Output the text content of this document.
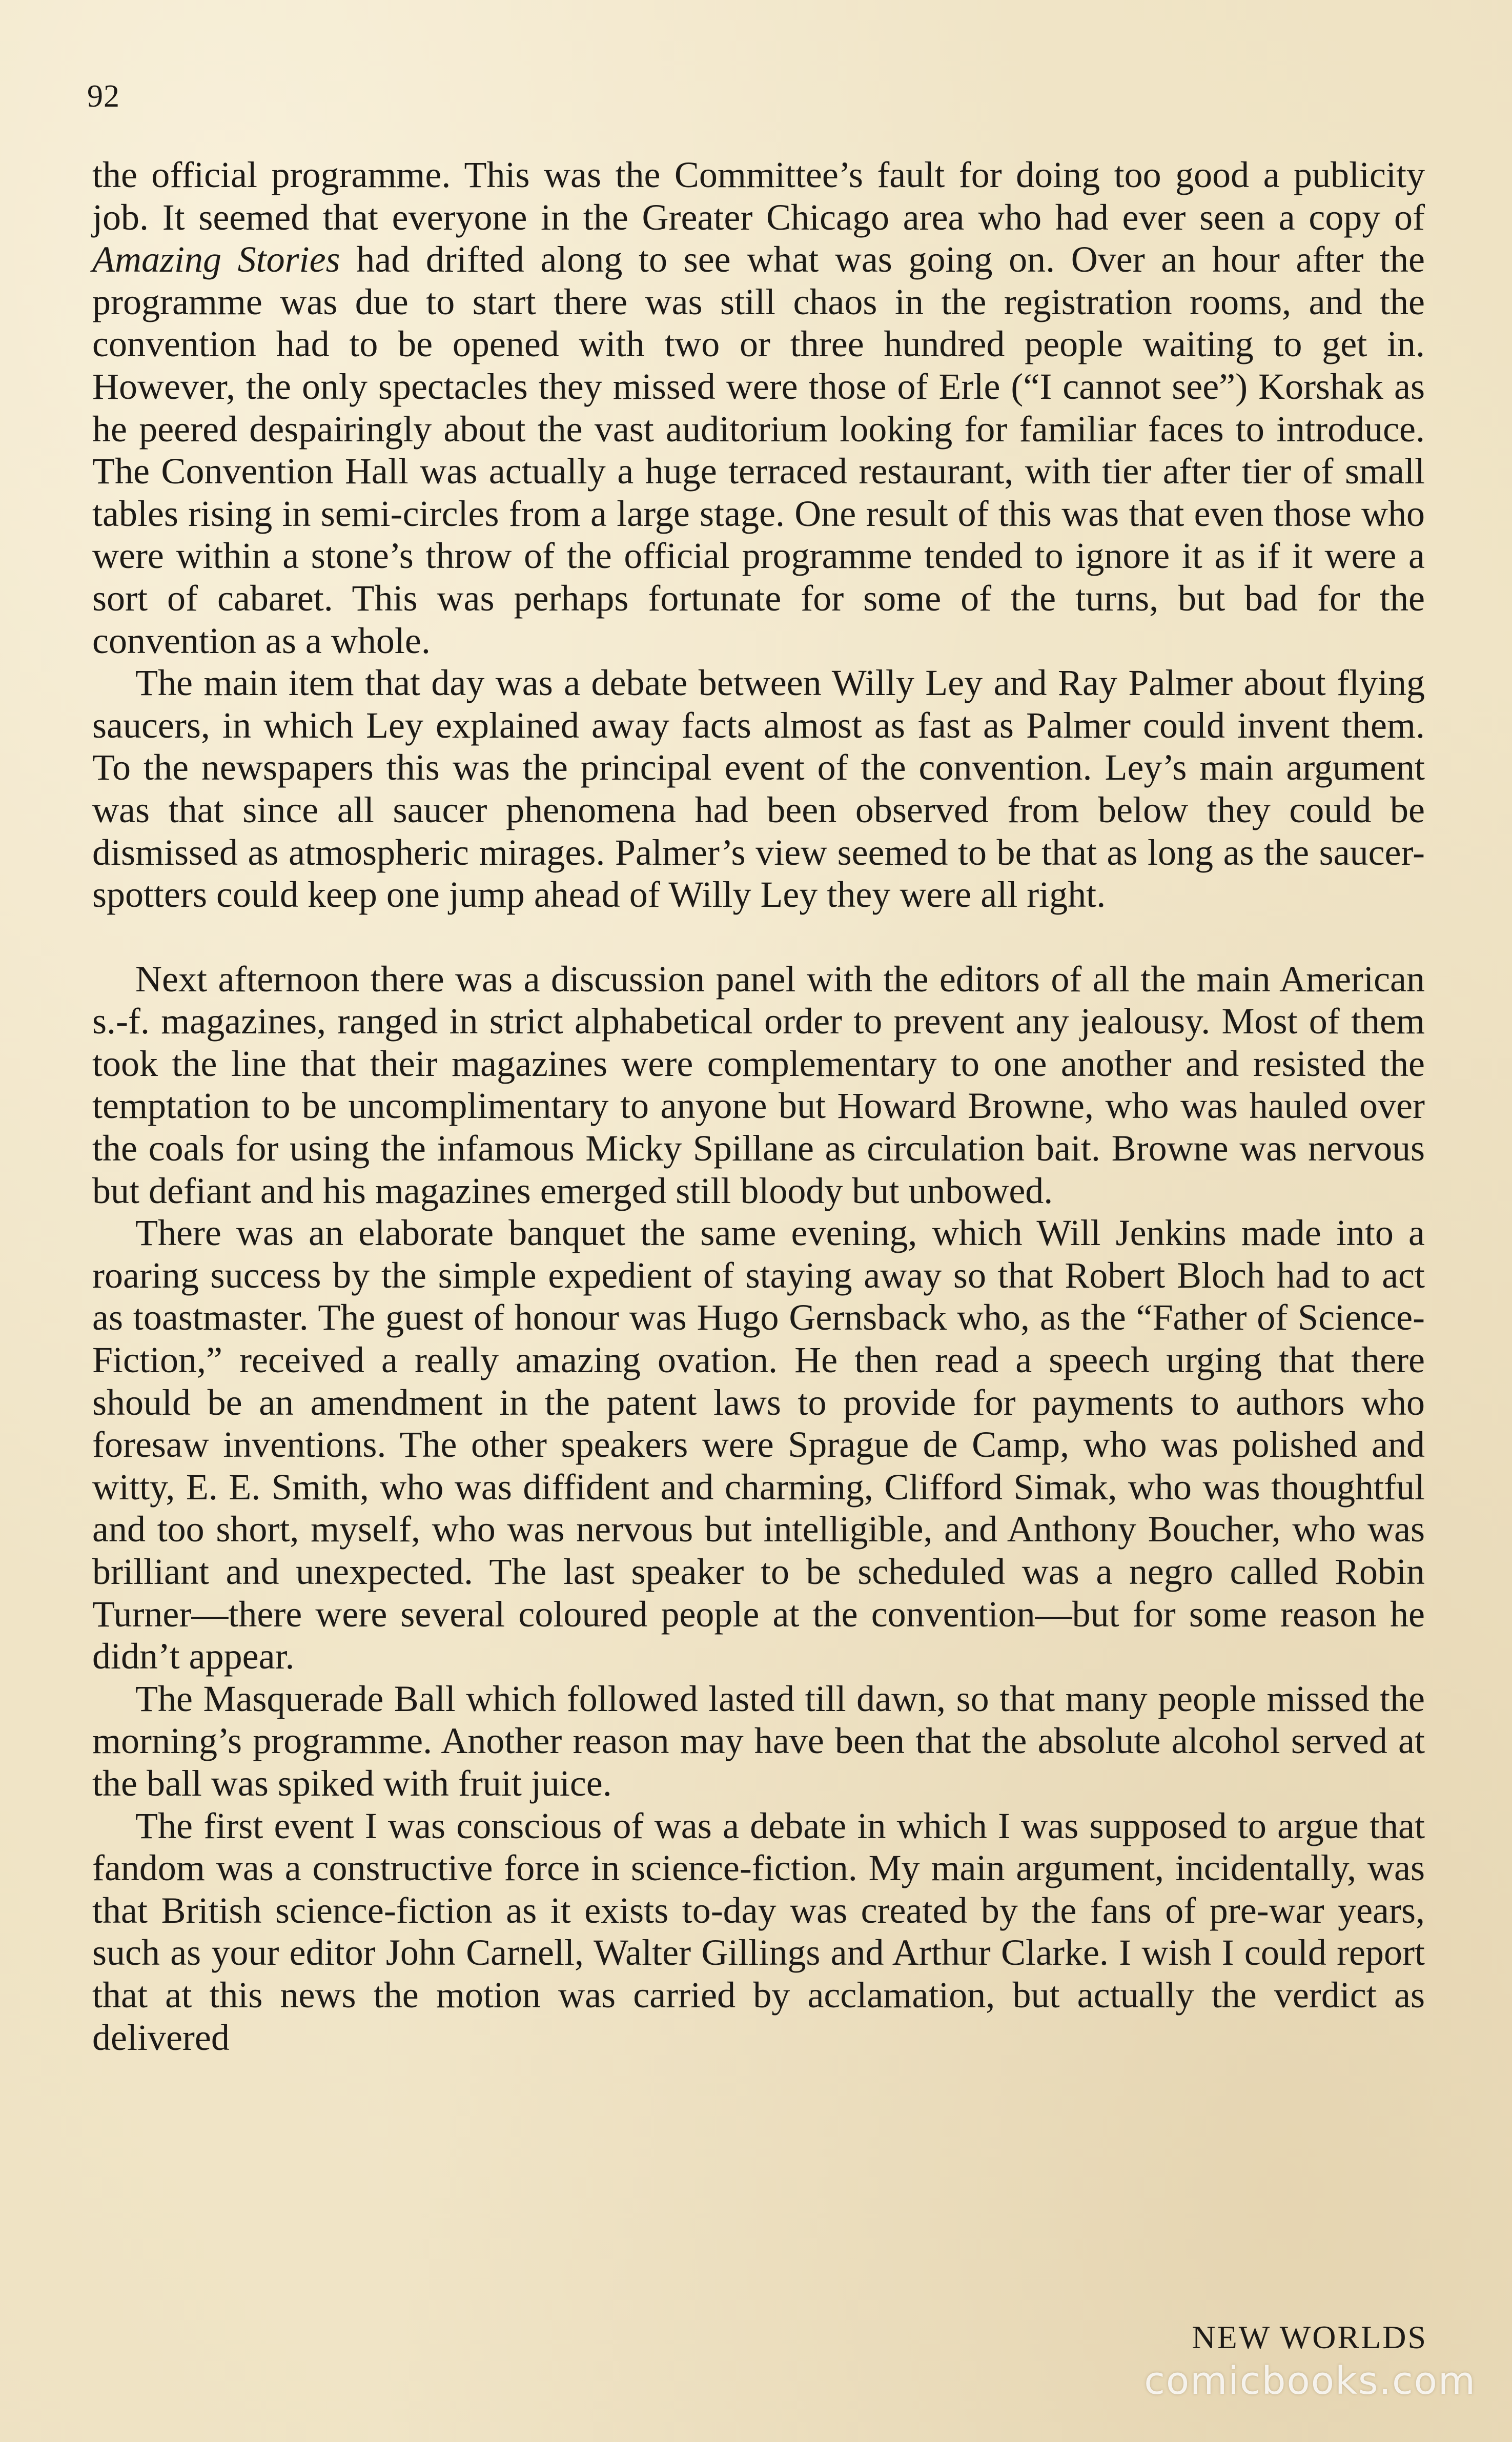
92

the official programme. This was the Committee’s fault for doing too good a publicity job. It seemed that everyone in the Greater Chicago area who had ever seen a copy of Amazing Stories had drifted along to see what was going on. Over an hour after the programme was due to start there was still chaos in the registration rooms, and the convention had to be opened with two or three hundred people waiting to get in. However, the only spectacles they missed were those of Erle (“I cannot see”) Korshak as he peered despairingly about the vast auditorium looking for familiar faces to introduce. The Convention Hall was actually a huge terraced restaurant, with tier after tier of small tables rising in semi-circles from a large stage. One result of this was that even those who were within a stone’s throw of the official programme tended to ignore it as if it were a sort of cabaret. This was perhaps fortunate for some of the turns, but bad for the convention as a whole.

The main item that day was a debate between Willy Ley and Ray Palmer about flying saucers, in which Ley explained away facts almost as fast as Palmer could invent them. To the newspapers this was the principal event of the convention. Ley’s main argument was that since all saucer phenomena had been observed from below they could be dismissed as atmospheric mirages. Palmer’s view seemed to be that as long as the saucer-spotters could keep one jump ahead of Willy Ley they were all right.

Next afternoon there was a discussion panel with the editors of all the main American s.-f. magazines, ranged in strict alphabetical order to prevent any jealousy. Most of them took the line that their magazines were complementary to one another and resisted the temptation to be uncomplimentary to anyone but Howard Browne, who was hauled over the coals for using the infamous Micky Spillane as circulation bait. Browne was nervous but defiant and his magazines emerged still bloody but unbowed.

There was an elaborate banquet the same evening, which Will Jenkins made into a roaring success by the simple expedient of staying away so that Robert Bloch had to act as toastmaster. The guest of honour was Hugo Gernsback who, as the “Father of Science-Fiction,” received a really amazing ovation. He then read a speech urging that there should be an amendment in the patent laws to provide for payments to authors who foresaw inventions. The other speakers were Sprague de Camp, who was polished and witty, E. E. Smith, who was diffident and charming, Clifford Simak, who was thoughtful and too short, myself, who was nervous but intelligible, and Anthony Boucher, who was brilliant and unexpected. The last speaker to be scheduled was a negro called Robin Turner—there were several coloured people at the convention—but for some reason he didn’t appear.

The Masquerade Ball which followed lasted till dawn, so that many people missed the morning’s programme. Another reason may have been that the absolute alcohol served at the ball was spiked with fruit juice.

The first event I was conscious of was a debate in which I was supposed to argue that fandom was a constructive force in science-fiction. My main argument, incidentally, was that British science-fiction as it exists to-day was created by the fans of pre-war years, such as your editor John Carnell, Walter Gillings and Arthur Clarke. I wish I could report that at this news the motion was carried by acclamation, but actually the verdict as delivered

NEW WORLDS
comicbooks.com
